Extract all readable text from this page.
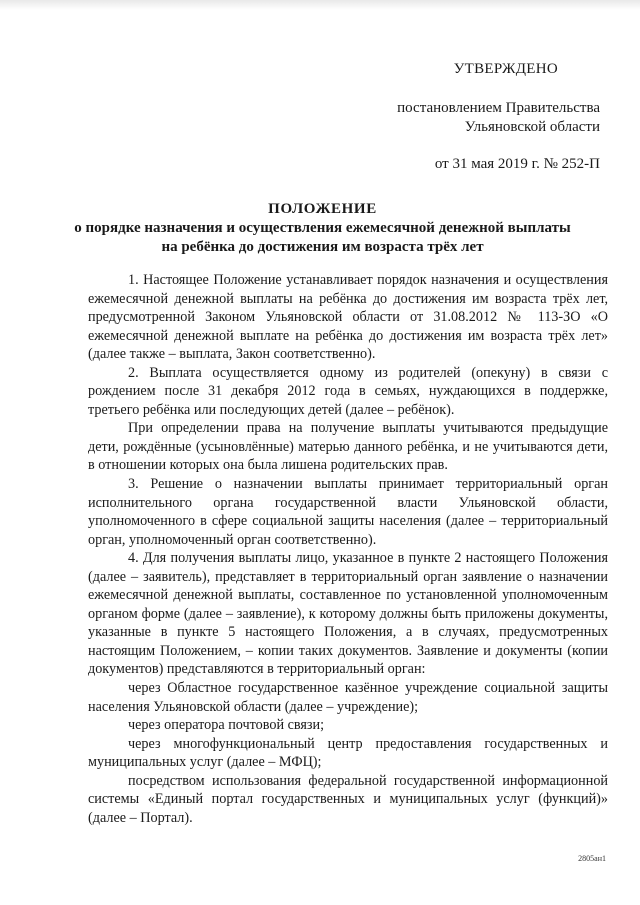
УТВЕРЖДЕНО
постановлением Правительства
Ульяновской области
от 31 мая 2019 г. № 252-П
ПОЛОЖЕНИЕ
о порядке назначения и осуществления ежемесячной денежной выплаты
на ребёнка до достижения им возраста трёх лет

1. Настоящее Положение устанавливает порядок назначения и осуществления ежемесячной денежной выплаты на ребёнка до достижения им возраста трёх лет, предусмотренной Законом Ульяновской области от 31.08.2012 № 113-ЗО «О ежемесячной денежной выплате на ребёнка до достижения им возраста трёх лет» (далее также – выплата, Закон соответственно).

2. Выплата осуществляется одному из родителей (опекуну) в связи с рождением после 31 декабря 2012 года в семьях, нуждающихся в поддержке, третьего ребёнка или последующих детей (далее – ребёнок).

При определении права на получение выплаты учитываются предыдущие дети, рождённые (усыновлённые) матерью данного ребёнка, и не учитываются дети, в отношении которых она была лишена родительских прав.

3. Решение о назначении выплаты принимает территориальный орган исполнительного органа государственной власти Ульяновской области, уполномоченного в сфере социальной защиты населения (далее – территориальный орган, уполномоченный орган соответственно).

4. Для получения выплаты лицо, указанное в пункте 2 настоящего Положения (далее – заявитель), представляет в территориальный орган заявление о назначении ежемесячной денежной выплаты, составленное по установленной уполномоченным органом форме (далее – заявление), к которому должны быть приложены документы, указанные в пункте 5 настоящего Положения, а в случаях, предусмотренных настоящим Положением, – копии таких документов. Заявление и документы (копии документов) представляются в территориальный орган:

через Областное государственное казённое учреждение социальной защиты населения Ульяновской области (далее – учреждение);

через оператора почтовой связи;

через многофункциональный центр предоставления государственных и муниципальных услуг (далее – МФЦ);

посредством использования федеральной государственной информационной системы «Единый портал государственных и муниципальных услуг (функций)» (далее – Портал).

2805ан1
